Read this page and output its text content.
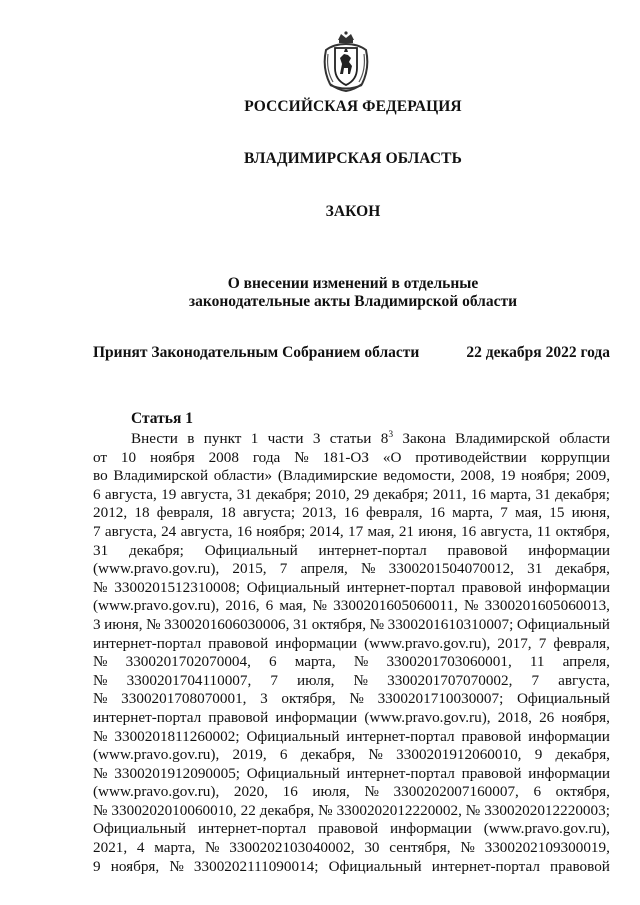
РОССИЙСКАЯ ФЕДЕРАЦИЯ
ВЛАДИМИРСКАЯ ОБЛАСТЬ
ЗАКОН
О внесении изменений в отдельные
законодательные акты Владимирской области
Принят Законодательным Собранием области	22 декабря 2022 года
Статья 1
Внести в пункт 1 части 3 статьи $8^3$ Закона Владимирской области
от 10 ноября 2008 года № 181-ОЗ «О противодействии коррупции
во Владимирской области» (Владимирские ведомости, 2008, 19 ноября; 2009,
6 августа, 19 августа, 31 декабря; 2010, 29 декабря; 2011, 16 марта, 31 декабря;
2012, 18 февраля, 18 августа; 2013, 16 февраля, 16 марта, 7 мая, 15 июня,
7 августа, 24 августа, 16 ноября; 2014, 17 мая, 21 июня, 16 августа, 11 октября,
31 декабря; Официальный интернет-портал правовой информации
(www.pravo.gov.ru), 2015, 7 апреля, № 3300201504070012, 31 декабря,
№ 3300201512310008; Официальный интернет-портал правовой информации
(www.pravo.gov.ru), 2016, 6 мая, № 3300201605060011, № 3300201605060013,
3 июня, № 3300201606030006, 31 октября, № 3300201610310007; Официальный
интернет-портал правовой информации (www.pravo.gov.ru), 2017, 7 февраля,
№ 3300201702070004, 6 марта, № 3300201703060001, 11 апреля,
№ 3300201704110007, 7 июля, № 3300201707070002, 7 августа,
№ 3300201708070001, 3 октября, № 3300201710030007; Официальный
интернет-портал правовой информации (www.pravo.gov.ru), 2018, 26 ноября,
№ 3300201811260002; Официальный интернет-портал правовой информации
(www.pravo.gov.ru), 2019, 6 декабря, № 3300201912060010, 9 декабря,
№ 3300201912090005; Официальный интернет-портал правовой информации
(www.pravo.gov.ru), 2020, 16 июля, № 3300202007160007, 6 октября,
№ 3300202010060010, 22 декабря, № 3300202012220002, № 3300202012220003;
Официальный интернет-портал правовой информации (www.pravo.gov.ru),
2021, 4 марта, № 3300202103040002, 30 сентября, № 3300202109300019,
9 ноября, № 3300202111090014; Официальный интернет-портал правовой
